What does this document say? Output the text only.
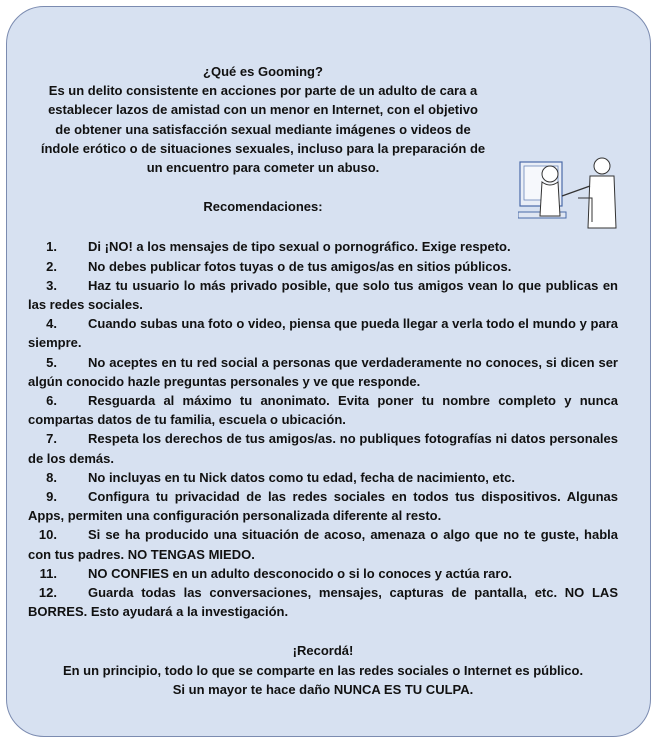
¿Qué es Gooming?
Es un delito consistente en acciones por parte de un adulto de cara a establecer lazos de amistad con un menor en Internet, con el objetivo de obtener una satisfacción sexual mediante imágenes o videos de índole erótico o de situaciones sexuales, incluso para la preparación de un encuentro para cometer un abuso.
Recomendaciones:
1. Di ¡NO! a los mensajes de tipo sexual o pornográfico. Exige respeto.
2. No debes publicar fotos tuyas o de tus amigos/as en sitios públicos.
3. Haz tu usuario lo más privado posible, que solo tus amigos vean lo que publicas en las redes sociales.
4. Cuando subas una foto o video, piensa que pueda llegar a verla todo el mundo y para siempre.
5. No aceptes en tu red social a personas que verdaderamente no conoces, si dicen ser algún conocido hazle preguntas personales y ve que responde.
6. Resguarda al máximo tu anonimato. Evita poner tu nombre completo y nunca compartas datos de tu familia, escuela o ubicación.
7. Respeta los derechos de tus amigos/as. no publiques fotografías ni datos personales de los demás.
8. No incluyas en tu Nick datos como tu edad, fecha de nacimiento, etc.
9. Configura tu privacidad de las redes sociales en todos tus dispositivos. Algunas Apps, permiten una configuración personalizada diferente al resto.
10. Si se ha producido una situación de acoso, amenaza o algo que no te guste, habla con tus padres. NO TENGAS MIEDO.
11. NO CONFIES en un adulto desconocido o si lo conoces y actúa raro.
12. Guarda todas las conversaciones, mensajes, capturas de pantalla, etc. NO LAS BORRES. Esto ayudará a la investigación.
¡Recordá!
En un principio, todo lo que se comparte en las redes sociales o Internet es público.
Si un mayor te hace daño NUNCA ES TU CULPA.
